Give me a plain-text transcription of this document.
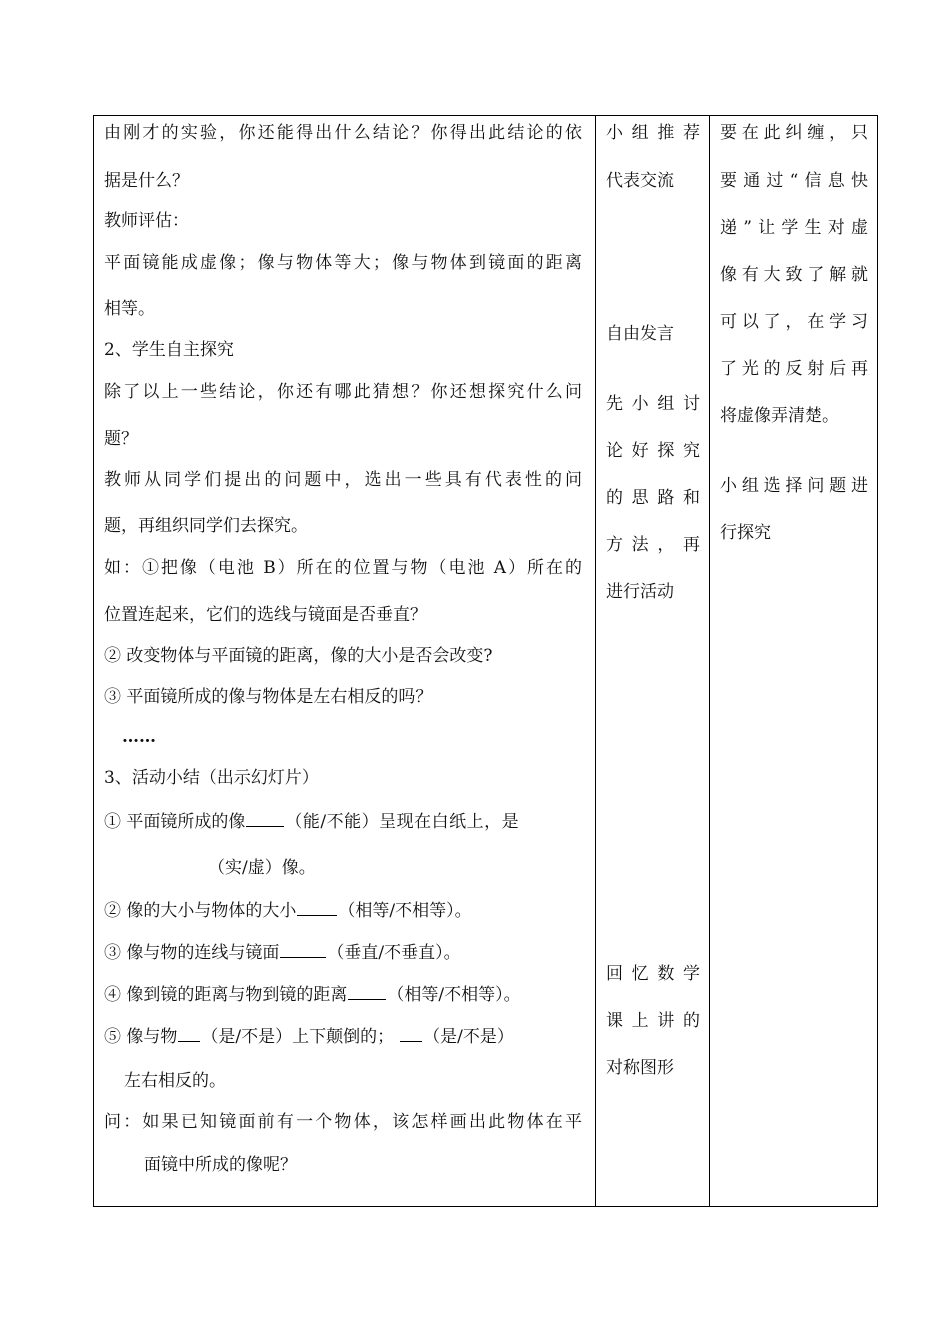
由刚才的实验，你还能得出什么结论？你得出此结论的依
据是什么？
教师评估：
平面镜能成虚像；像与物体等大；像与物体到镜面的距离
相等。
2、学生自主探究
除了以上一些结论，你还有哪此猜想？你还想探究什么问
题？
教师从同学们提出的问题中，选出一些具有代表性的问
题，再组织同学们去探究。
如：①把像（电池 B）所在的位置与物（电池 A）所在的
位置连起来，它们的选线与镜面是否垂直？
② 改变物体与平面镜的距离，像的大小是否会改变?
③ 平面镜所成的像与物体是左右相反的吗？
……
3、活动小结（出示幻灯片）
① 平面镜所成的像 （能/不能）呈现在白纸上，是
（实/虚）像。
② 像的大小与物体的大小 （相等/不相等）。
③ 像与物的连线与镜面	（垂直/不垂直）。
④ 像到镜的距离与物到镜的距离 （相等/不相等）。
⑤ 像与物 （是/不是）上下颠倒的； （是/不是）
左右相反的。
问：如果已知镜面前有一个物体，该怎样画出此物体在平
面镜中所成的像呢？
小组推荐
代表交流
自由发言
先小组讨
论好探究
的思路和
方法，再
进行活动
回忆数学
课上讲的
对称图形
要在此纠缠，只
要通过“信息快
递”让学生对虚
像有大致了解就
可以了，在学习
了光的反射后再
将虚像弄清楚。
小组选择问题进
行探究
